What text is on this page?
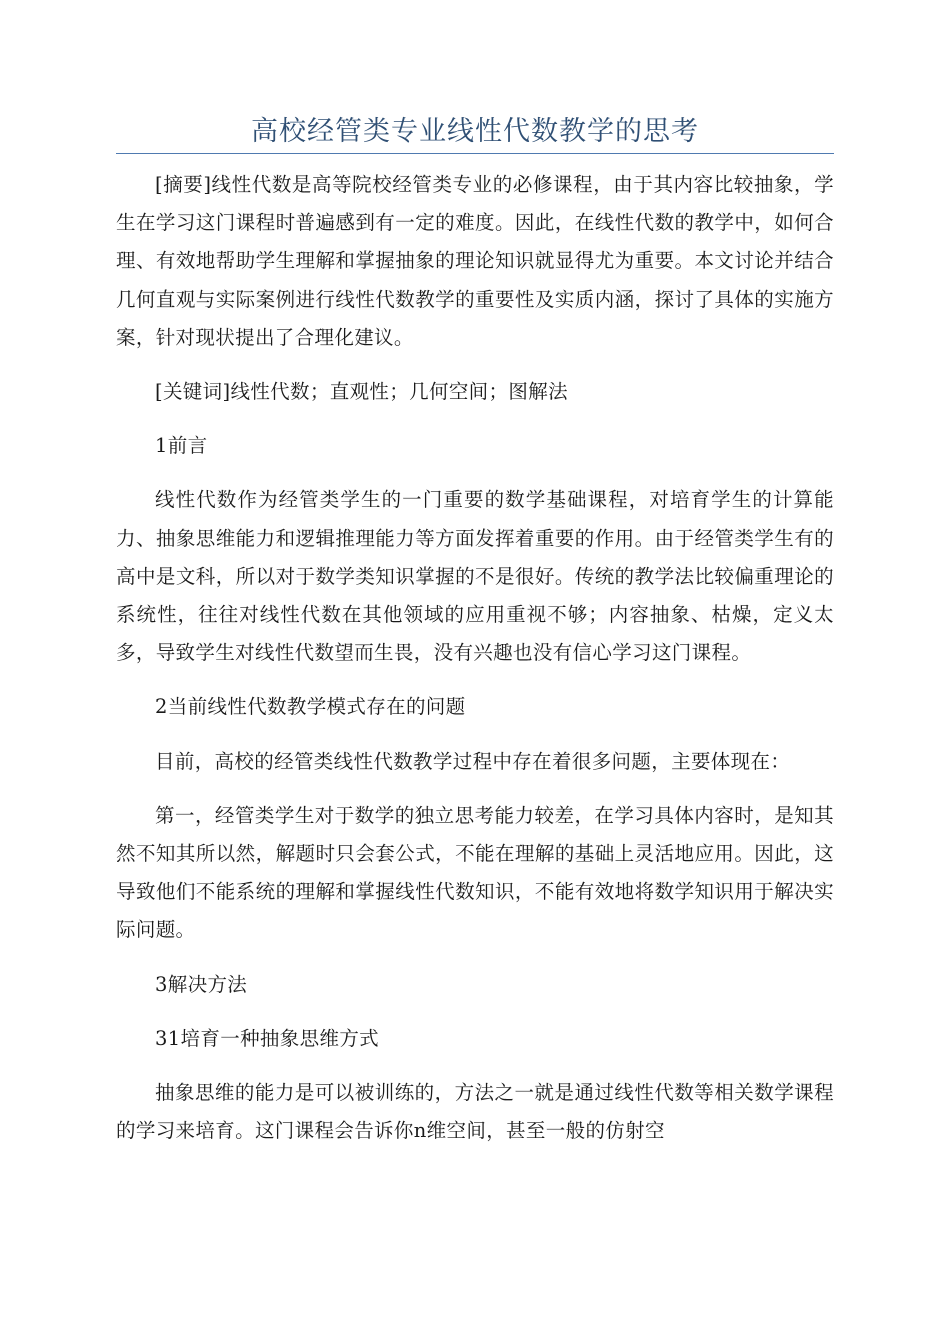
高校经管类专业线性代数教学的思考

[摘要]线性代数是高等院校经管类专业的必修课程，由于其内容比较抽象，学生在学习这门课程时普遍感到有一定的难度。因此，在线性代数的教学中，如何合理、有效地帮助学生理解和掌握抽象的理论知识就显得尤为重要。本文讨论并结合几何直观与实际案例进行线性代数教学的重要性及实质内涵，探讨了具体的实施方案，针对现状提出了合理化建议。

[关键词]线性代数；直观性；几何空间；图解法

1前言

线性代数作为经管类学生的一门重要的数学基础课程，对培育学生的计算能力、抽象思维能力和逻辑推理能力等方面发挥着重要的作用。由于经管类学生有的高中是文科，所以对于数学类知识掌握的不是很好。传统的教学法比较偏重理论的系统性，往往对线性代数在其他领域的应用重视不够；内容抽象、枯燥，定义太多，导致学生对线性代数望而生畏，没有兴趣也没有信心学习这门课程。

2当前线性代数教学模式存在的问题

目前，高校的经管类线性代数教学过程中存在着很多问题，主要体现在：

第一，经管类学生对于数学的独立思考能力较差，在学习具体内容时，是知其然不知其所以然，解题时只会套公式，不能在理解的基础上灵活地应用。因此，这导致他们不能系统的理解和掌握线性代数知识，不能有效地将数学知识用于解决实际问题。

3解决方法

31培育一种抽象思维方式

抽象思维的能力是可以被训练的，方法之一就是通过线性代数等相关数学课程的学习来培育。这门课程会告诉你n维空间，甚至一般的仿射空
